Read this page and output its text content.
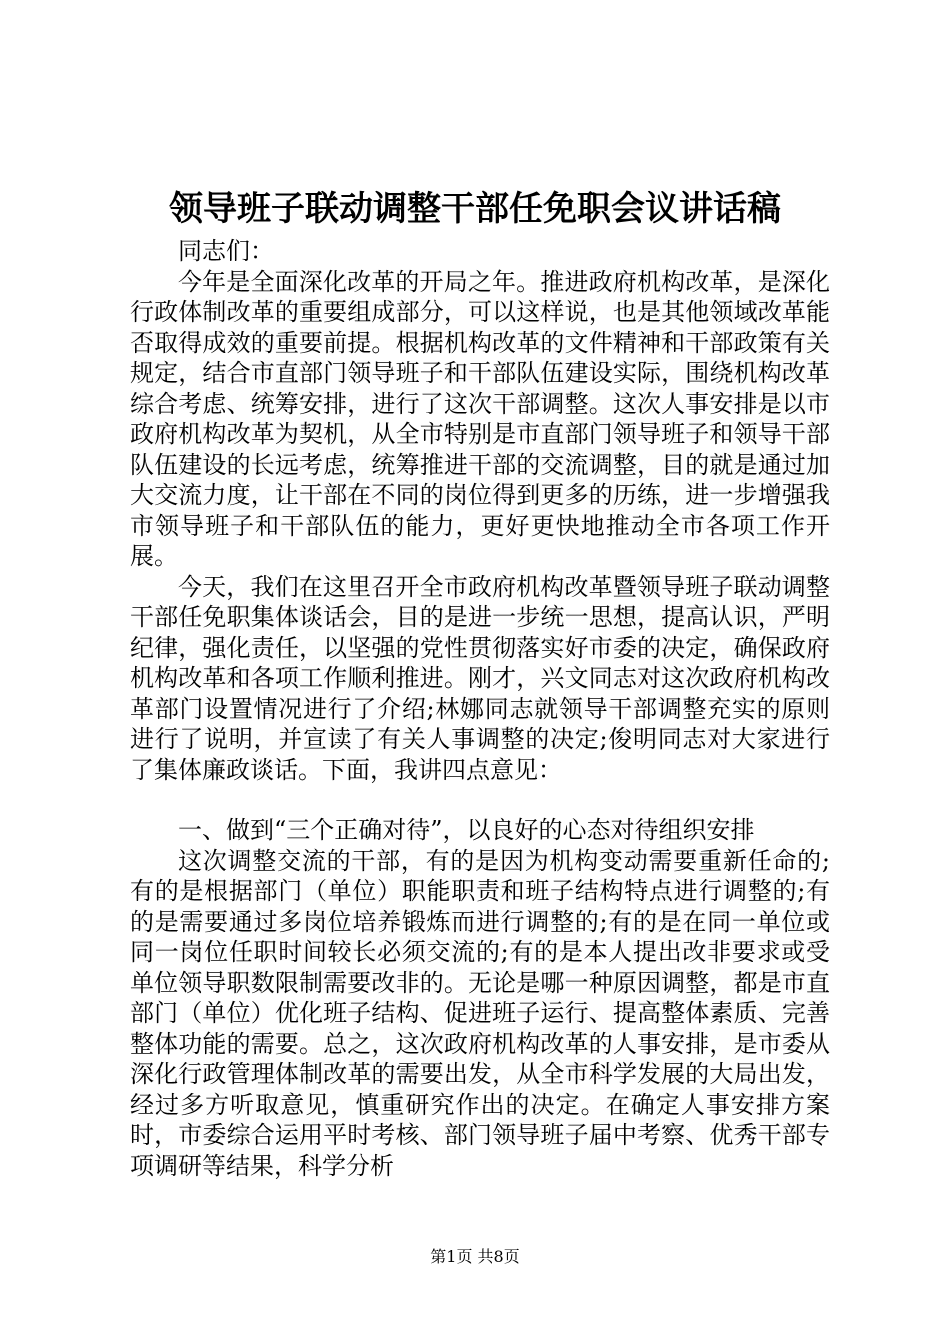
领导班子联动调整干部任免职会议讲话稿

同志们：

今年是全面深化改革的开局之年。推进政府机构改革，是深化行政体制改革的重要组成部分，可以这样说，也是其他领域改革能否取得成效的重要前提。根据机构改革的文件精神和干部政策有关规定，结合市直部门领导班子和干部队伍建设实际，围绕机构改革综合考虑、统筹安排，进行了这次干部调整。这次人事安排是以市政府机构改革为契机，从全市特别是市直部门领导班子和领导干部队伍建设的长远考虑，统筹推进干部的交流调整，目的就是通过加大交流力度，让干部在不同的岗位得到更多的历练，进一步增强我市领导班子和干部队伍的能力，更好更快地推动全市各项工作开展。

今天，我们在这里召开全市政府机构改革暨领导班子联动调整干部任免职集体谈话会，目的是进一步统一思想，提高认识，严明纪律，强化责任，以坚强的党性贯彻落实好市委的决定，确保政府机构改革和各项工作顺利推进。刚才，兴文同志对这次政府机构改革部门设置情况进行了介绍;林娜同志就领导干部调整充实的原则进行了说明，并宣读了有关人事调整的决定;俊明同志对大家进行了集体廉政谈话。下面，我讲四点意见：

一、做到“三个正确对待”，以良好的心态对待组织安排

这次调整交流的干部，有的是因为机构变动需要重新任命的;有的是根据部门（单位）职能职责和班子结构特点进行调整的;有的是需要通过多岗位培养锻炼而进行调整的;有的是在同一单位或同一岗位任职时间较长必须交流的;有的是本人提出改非要求或受单位领导职数限制需要改非的。无论是哪一种原因调整，都是市直部门（单位）优化班子结构、促进班子运行、提高整体素质、完善整体功能的需要。总之，这次政府机构改革的人事安排，是市委从深化行政管理体制改革的需要出发，从全市科学发展的大局出发，经过多方听取意见，慎重研究作出的决定。在确定人事安排方案时，市委综合运用平时考核、部门领导班子届中考察、优秀干部专项调研等结果，科学分析

第1页 共8页
